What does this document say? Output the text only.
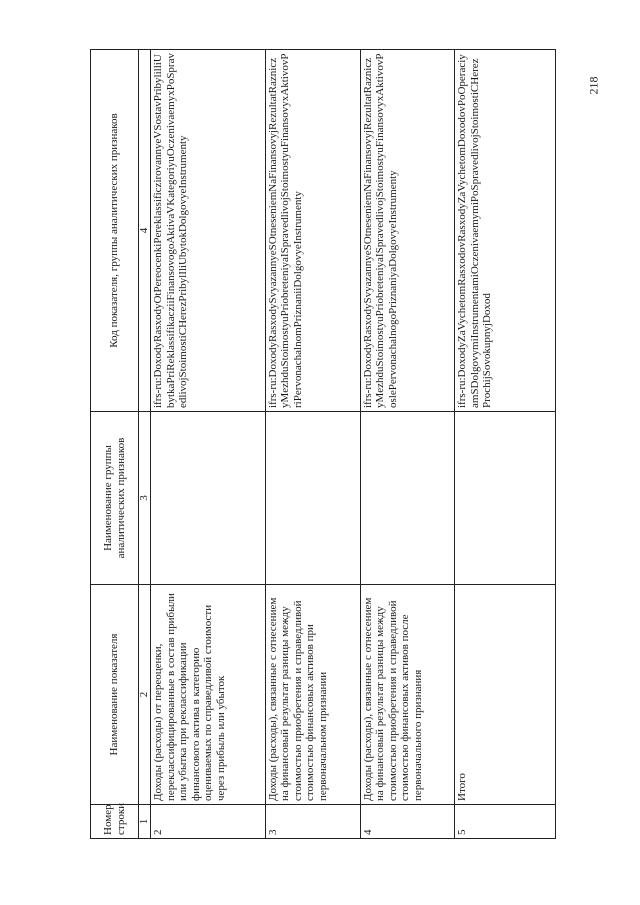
218
Номер строки	Наименование показателя	Наименование группы аналитических признаков	Код показателя, группы аналитических признаков
1	2	3	4
2	Доходы (расходы) от переоценки, переклассифицированные в состав прибыли или убытка при реклассификации финансового актива в категорию оцениваемых по справедливой стоимости через прибыль или убыток		ifrs-ru:DoxodyRasxodyOtPereocenkiPereklassificzirovannyeVSostavPribylilliUbytkaPriReklassifikacziiFinansovogoAktivaVKategoriyuOczenivaemyxPoSpravedlivojStoimostiCHerezPribylIliUbytokDolgovyeInstrumenty
3	Доходы (расходы), связанные с отнесением на финансовый результат разницы между стоимостью приобретения и справедливой стоимостью финансовых активов при первоначальном признании		ifrs-ru:DoxodyRasxodySvyazannyeSOtneseniemNaFinansovyjRezultatRazniczyMezhduStoimostyuPriobreteniyaISpravedlivojStoimostyuFinansovyxAktivovPriPervonachalnomPriznaniiDolgovyeInstrumenty
4	Доходы (расходы), связанные с отнесением на финансовый результат разницы между стоимостью приобретения и справедливой стоимостью финансовых активов после первоначального признания		ifrs-ru:DoxodyRasxodySvyazannyeSOtneseniemNaFinansovyjRezultatRazniczyMezhduStoimostyuPriobreteniyaISpravedlivojStoimostyuFinansovyxAktivovPoslePervonachalnogoPriznaniyaDolgovyeInstrumenty
5	Итого		ifrs-ru:DoxodyZaVychetomRasxodovRasxodyZaVychetomDoxodovPoOperaciyamSDolgovymiInstrumentamiOczenivaemymiPoSpravedlivojStoimostiCHerezProchijSovokupnyjDoxod
